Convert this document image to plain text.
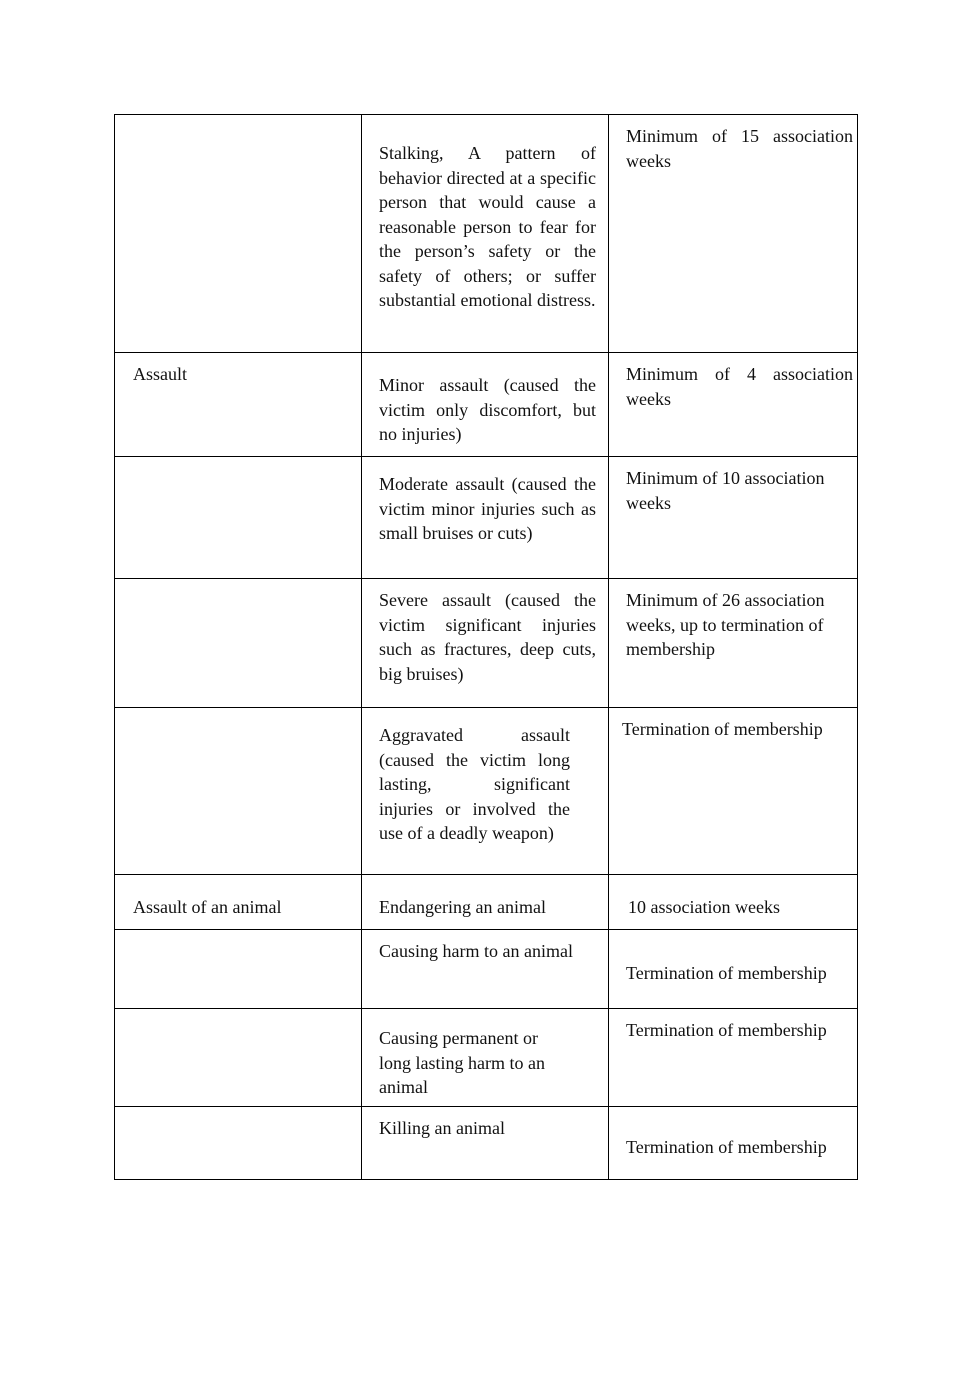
Stalking, A pattern of behavior directed at a specific person that would cause a reasonable person to fear for the person’s safety or the safety of others; or suffer substantial emotional distress.
Minimum of 15 association weeks
Assault
Minor assault (caused the victim only discomfort, but no injuries)
Minimum of 4 association weeks
Moderate assault (caused the victim minor injuries such as small bruises or cuts)
Minimum of 10 association weeks
Severe assault (caused the victim significant injuries such as fractures, deep cuts, big bruises)
Minimum of 26 association weeks, up to termination of membership
Aggravated assault (caused the victim long lasting, significant injuries or involved the use of a deadly weapon)
Termination of membership
Assault of an animal	Endangering an animal	10 association weeks
Causing harm to an animal
Termination of membership
Causing permanent or long lasting harm to an animal
Termination of membership
Killing an animal
Termination of membership
